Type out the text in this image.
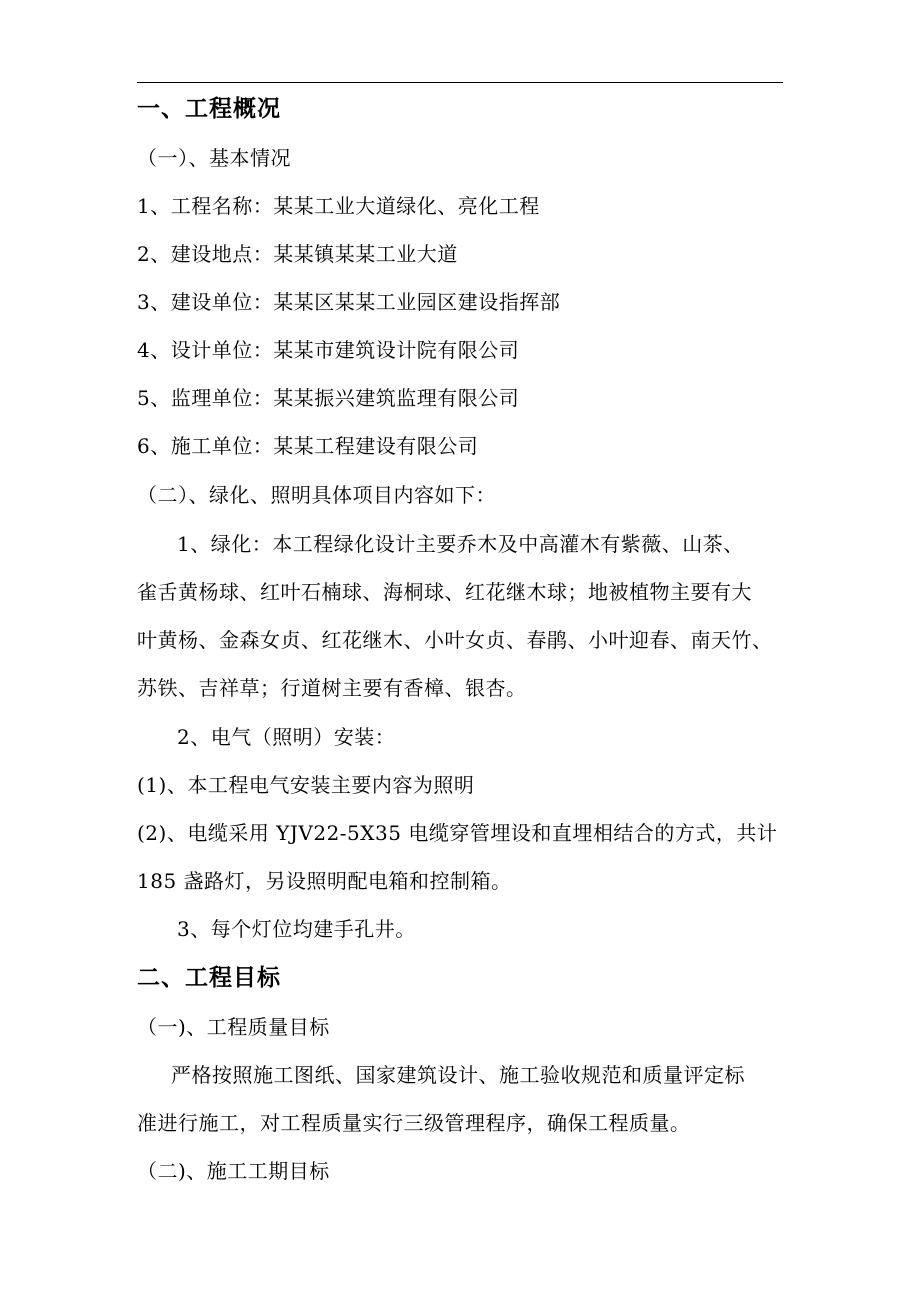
一、工程概况
（一）、基本情况
1、工程名称：某某工业大道绿化、亮化工程
2、建设地点：某某镇某某工业大道
3、建设单位：某某区某某工业园区建设指挥部
4、设计单位：某某市建筑设计院有限公司
5、监理单位：某某振兴建筑监理有限公司
6、施工单位：某某工程建设有限公司
（二）、绿化、照明具体项目内容如下：
1、绿化：本工程绿化设计主要乔木及中高灌木有紫薇、山茶、
雀舌黄杨球、红叶石楠球、海桐球、红花继木球；地被植物主要有大
叶黄杨、金森女贞、红花继木、小叶女贞、春鹃、小叶迎春、南天竹、
苏铁、吉祥草；行道树主要有香樟、银杏。
2、电气（照明）安装：
(1)、本工程电气安装主要内容为照明
(2)、电缆采用 YJV22-5X35 电缆穿管埋设和直埋相结合的方式，共计
185 盏路灯，另设照明配电箱和控制箱。
3、每个灯位均建手孔井。
二、工程目标
（一)、工程质量目标
严格按照施工图纸、国家建筑设计、施工验收规范和质量评定标
准进行施工，对工程质量实行三级管理程序，确保工程质量。
（二)、施工工期目标
